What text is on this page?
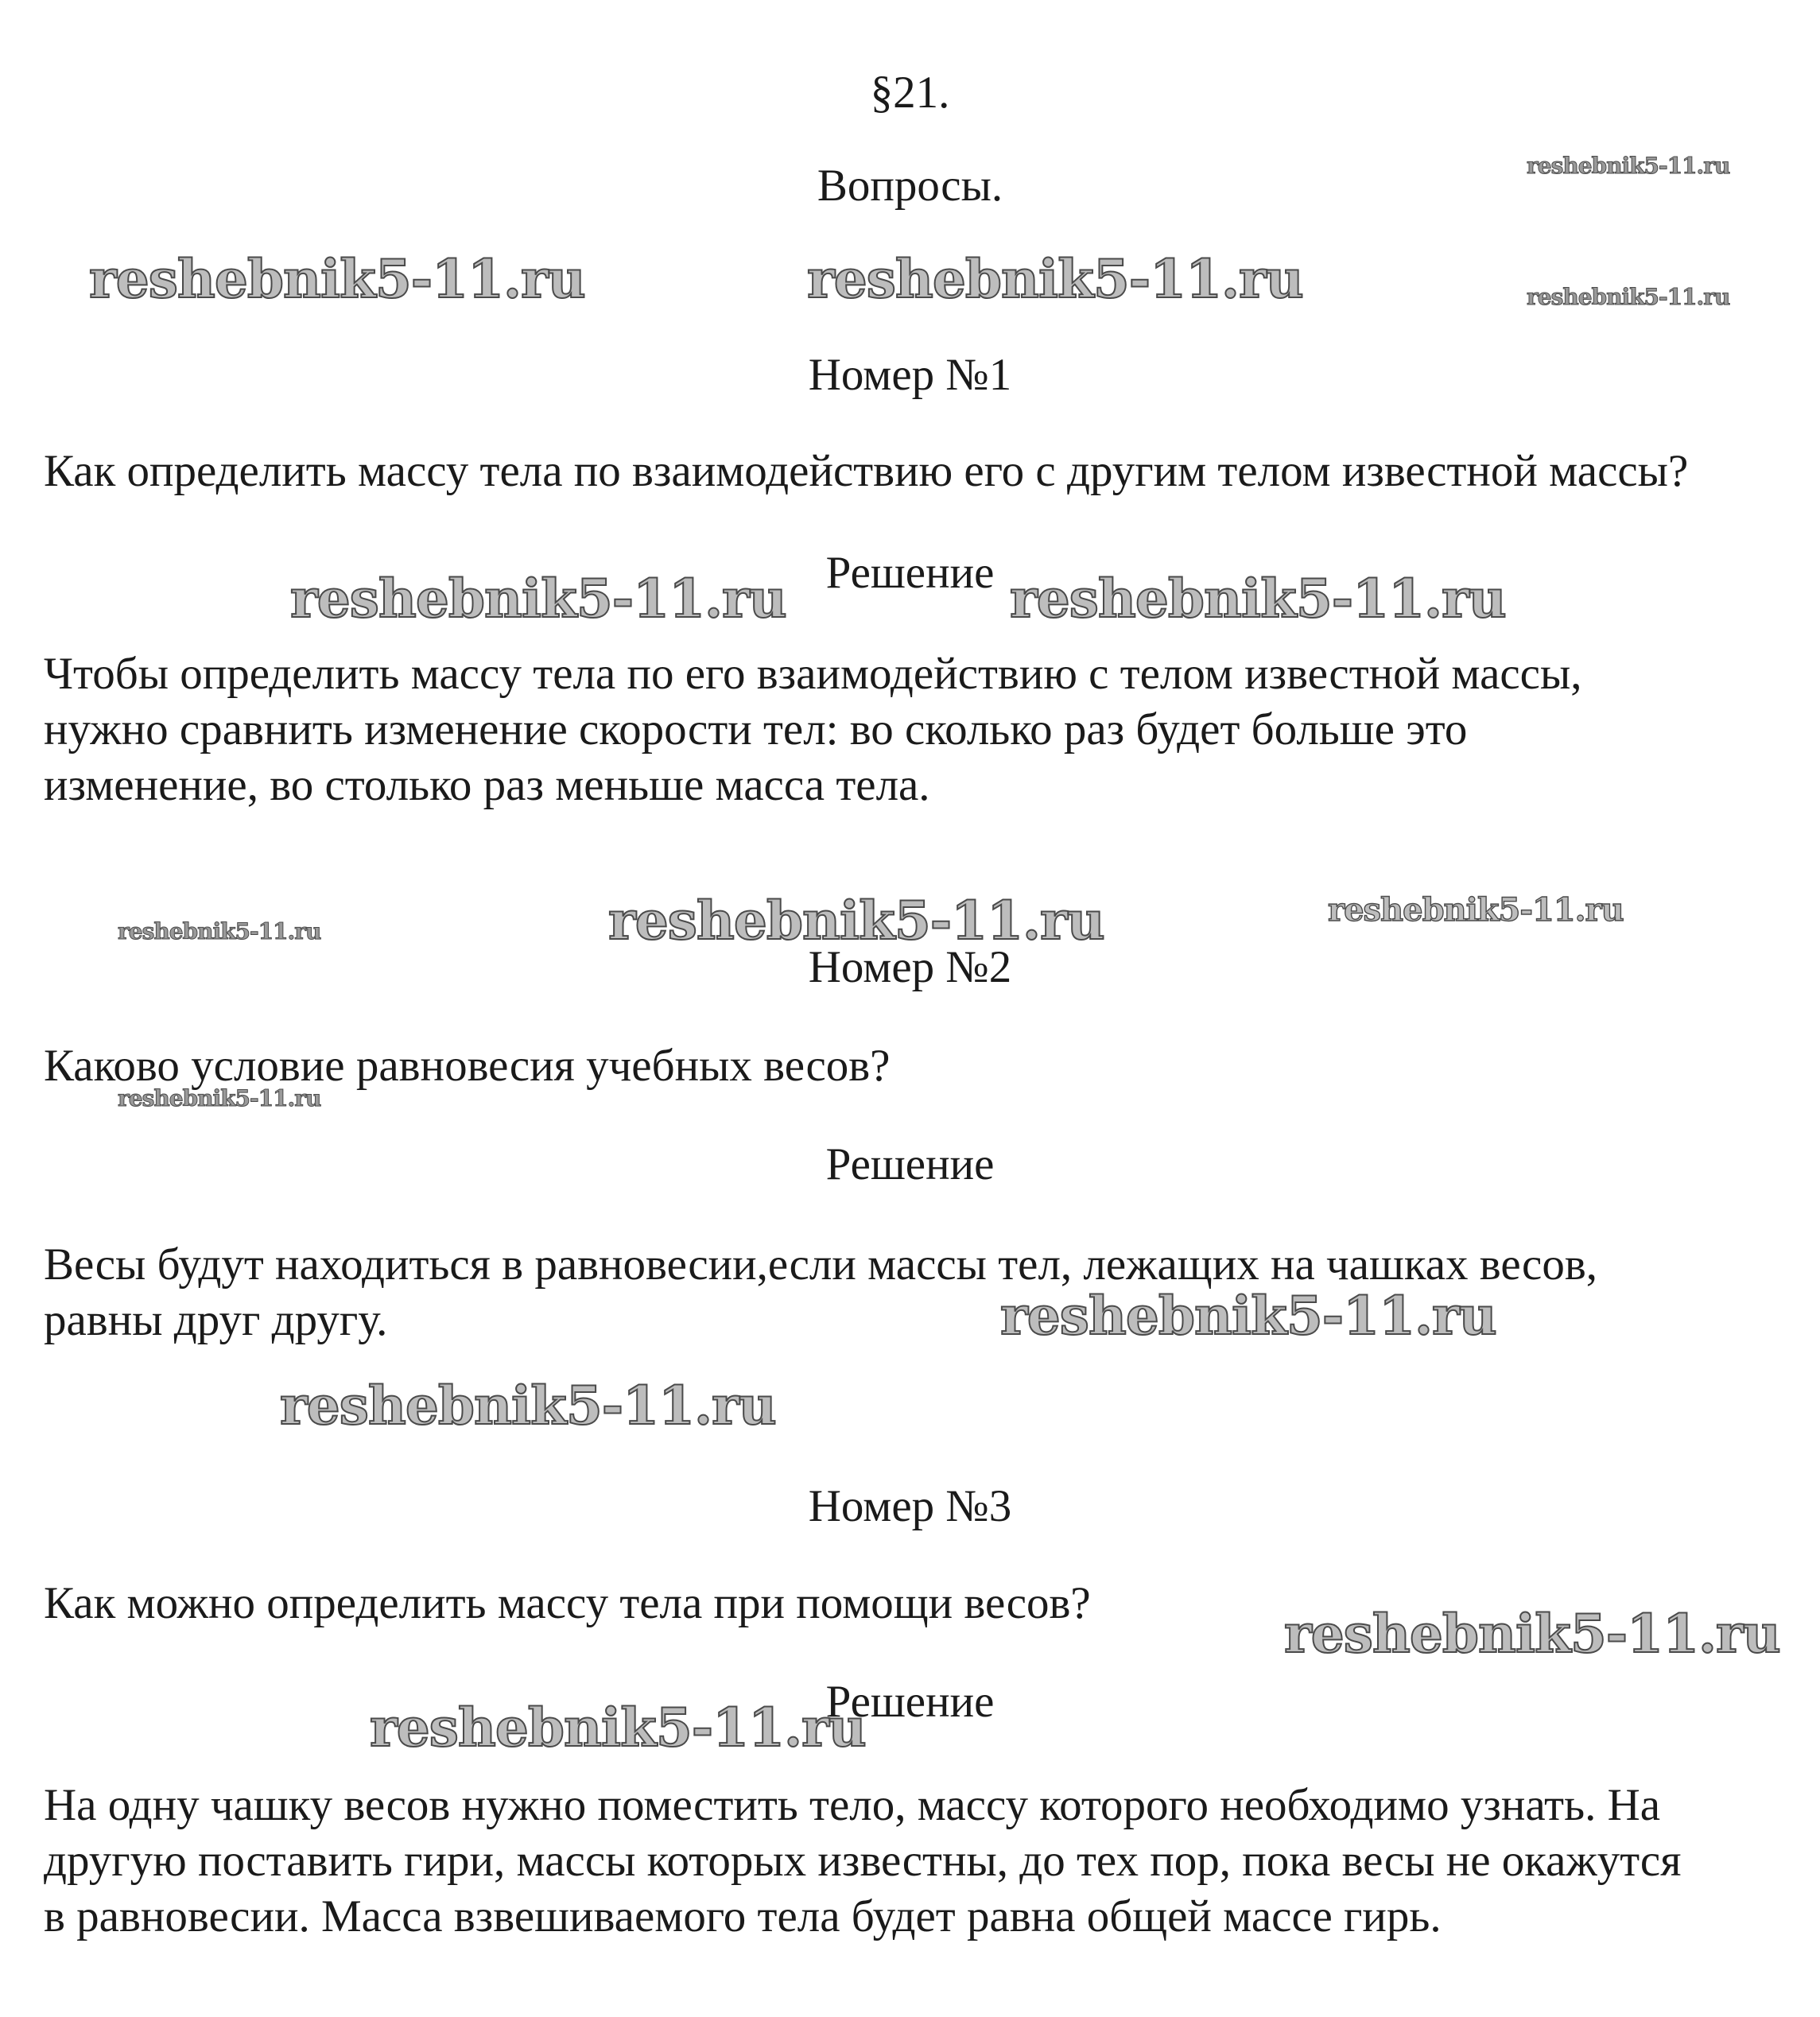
§21.
Вопросы.
Номер №1
Как определить массу тела по взаимодействию его с другим телом известной массы?
Решение
Чтобы определить массу тела по его взаимодействию с телом известной массы,
нужно сравнить изменение скорости тел: во сколько раз будет больше это
изменение, во столько раз меньше масса тела.
Номер №2
Каково условие равновесия учебных весов?
Решение
Весы будут находиться в равновесии,если массы тел, лежащих на чашках весов,
равны друг другу.
Номер №3
Как можно определить массу тела при помощи весов?
Решение
На одну чашку весов нужно поместить тело, массу которого необходимо узнать. На
другую поставить гири, массы которых известны, до тех пор, пока весы не окажутся
в равновесии. Масса взвешиваемого тела будет равна общей массе гирь.
reshebnik5-11.ru
reshebnik5-11.ru	reshebnik5-11.ru	reshebnik5-11.ru
reshebnik5-11.ru	reshebnik5-11.ru
reshebnik5-11.ru	reshebnik5-11.ru	reshebnik5-11.ru
reshebnik5-11.ru
reshebnik5-11.ru
reshebnik5-11.ru
reshebnik5-11.ru
reshebnik5-11.ru
